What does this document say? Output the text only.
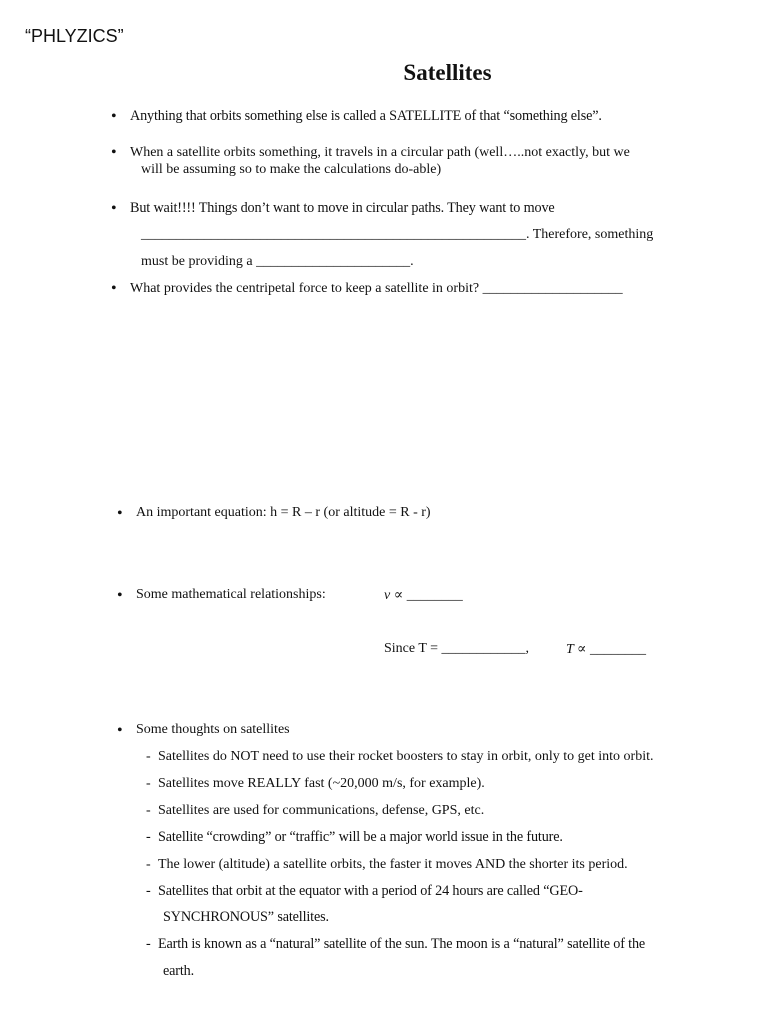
“PHLYZICS”
Satellites
• Anything that orbits something else is called a SATELLITE of that “something else”.
• When a satellite orbits something, it travels in a circular path (well…..not exactly, but we
will be assuming so to make the calculations do-able)
• But wait!!!! Things don’t want to move in circular paths. They want to move
_______________________________________________________. Therefore, something
must be providing a ______________________.
• What provides the centripetal force to keep a satellite in orbit? ____________________
• An important equation: h = R – r (or altitude = R - r)
• Some mathematical relationships:	v ∝ ________
Since T = ____________,	T ∝ ________
• Some thoughts on satellites
- Satellites do NOT need to use their rocket boosters to stay in orbit, only to get into orbit.
- Satellites move REALLY fast (~20,000 m/s, for example).
- Satellites are used for communications, defense, GPS, etc.
- Satellite “crowding” or “traffic” will be a major world issue in the future.
- The lower (altitude) a satellite orbits, the faster it moves AND the shorter its period.
- Satellites that orbit at the equator with a period of 24 hours are called “GEO-
SYNCHRONOUS” satellites.
- Earth is known as a “natural” satellite of the sun. The moon is a “natural” satellite of the
earth.
